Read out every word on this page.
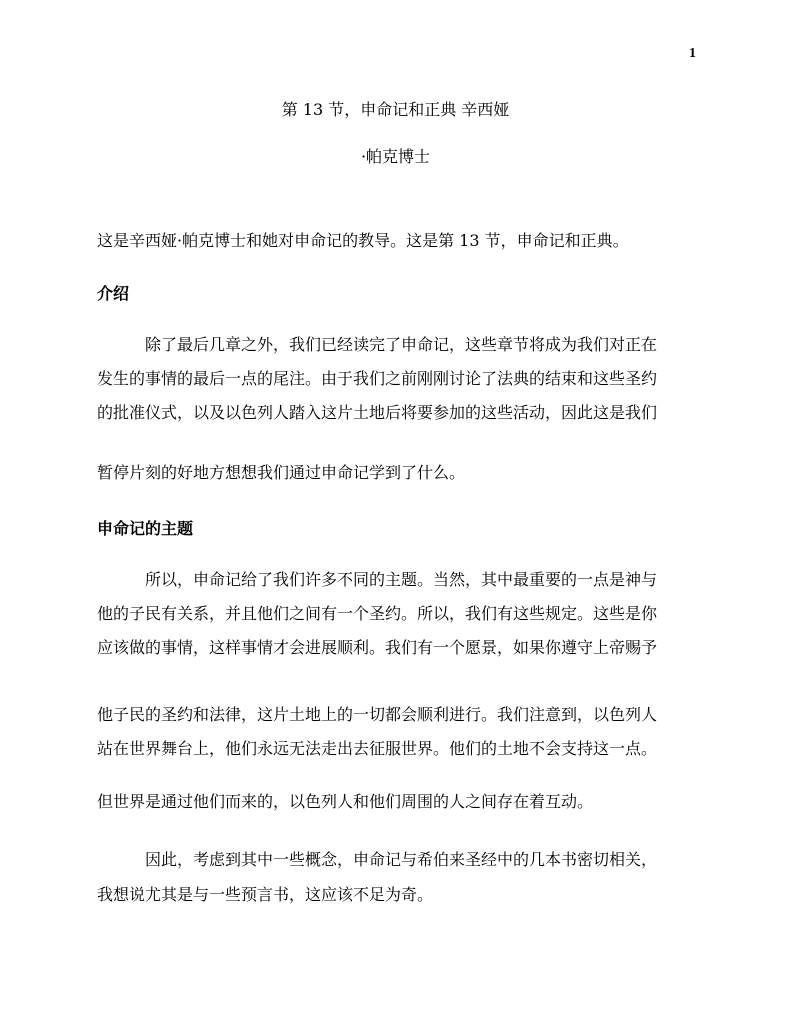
1
第 13 节，申命记和正典 辛西娅
·帕克博士
这是辛西娅·帕克博士和她对申命记的教导。这是第 13 节，申命记和正典。
介绍
除了最后几章之外，我们已经读完了申命记，这些章节将成为我们对正在
发生的事情的最后一点的尾注。由于我们之前刚刚讨论了法典的结束和这些圣约
的批准仪式，以及以色列人踏入这片土地后将要参加的这些活动，因此这是我们
暂停片刻的好地方想想我们通过申命记学到了什么。
申命记的主题
所以，申命记给了我们许多不同的主题。当然，其中最重要的一点是神与
他的子民有关系，并且他们之间有一个圣约。所以，我们有这些规定。这些是你
应该做的事情，这样事情才会进展顺利。我们有一个愿景，如果你遵守上帝赐予
他子民的圣约和法律，这片土地上的一切都会顺利进行。我们注意到，以色列人
站在世界舞台上，他们永远无法走出去征服世界。他们的土地不会支持这一点。
但世界是通过他们而来的，以色列人和他们周围的人之间存在着互动。
因此，考虑到其中一些概念，申命记与希伯来圣经中的几本书密切相关，
我想说尤其是与一些预言书，这应该不足为奇。
